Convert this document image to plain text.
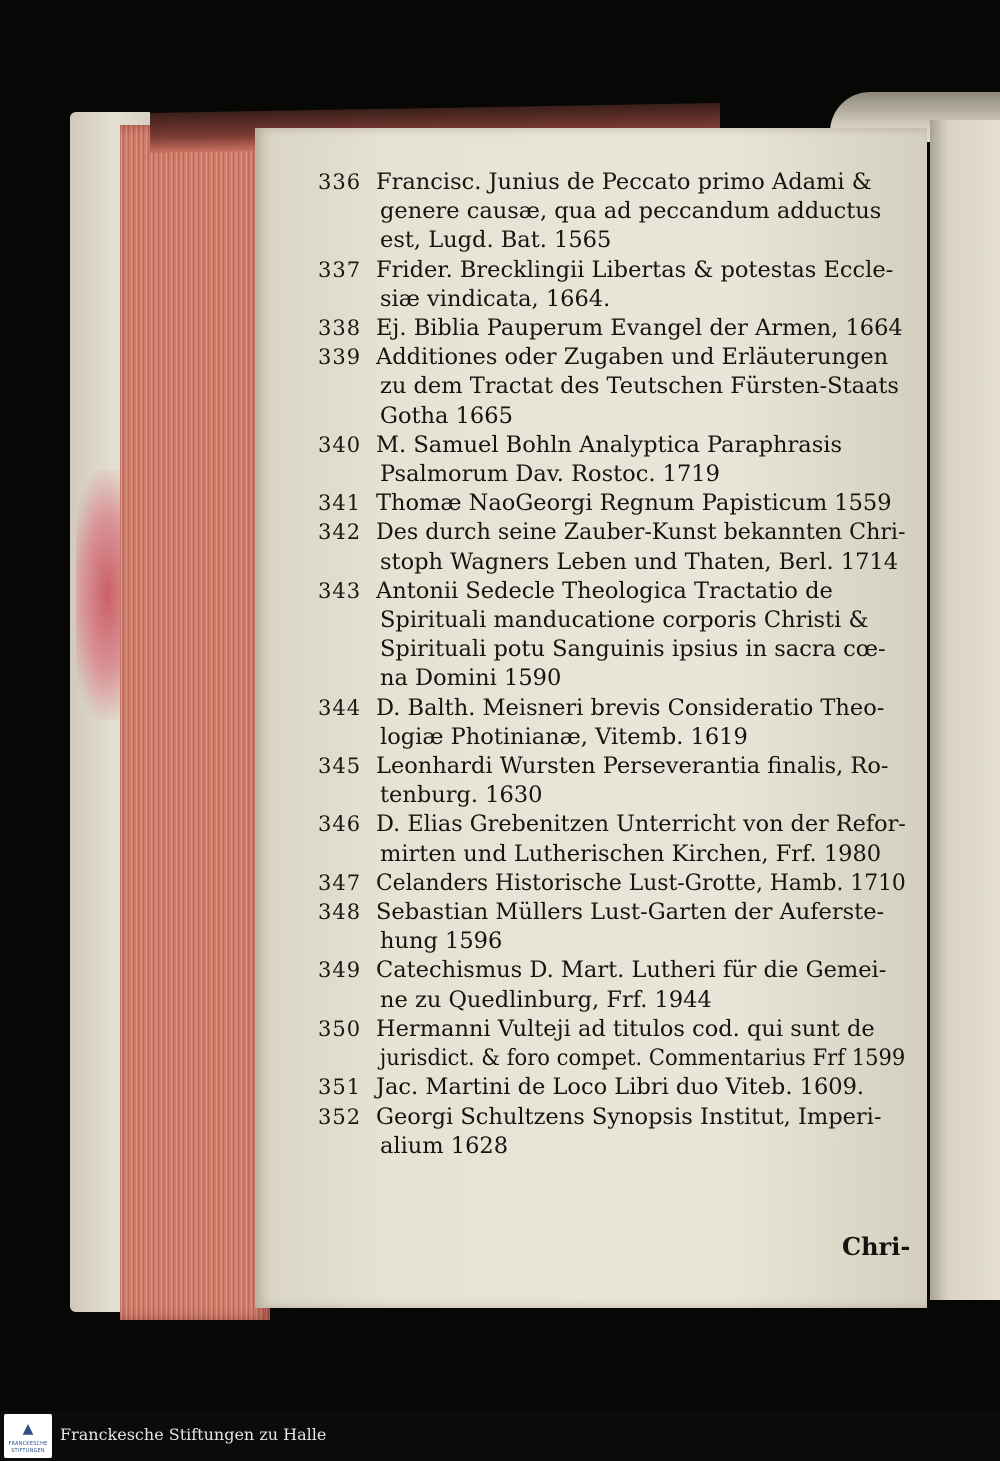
336 Francisc. Junius de Peccato primo Adami &
genere causæ, qua ad peccandum adductus
est, Lugd. Bat. 1565
337 Frider. Brecklingii Libertas & potestas Eccle-
siæ vindicata, 1664.
338 Ej. Biblia Pauperum Evangel der Armen, 1664
339 Additiones oder Zugaben und Erläuterungen
zu dem Tractat des Teutschen Fürsten-Staats
Gotha 1665
340 M. Samuel Bohln Analyptica Paraphrasis
Psalmorum Dav. Rostoc. 1719
341 Thomæ NaoGeorgi Regnum Papisticum 1559
342 Des durch seine Zauber-Kunst bekannten Chri-
stoph Wagners Leben und Thaten, Berl. 1714
343 Antonii Sedecle Theologica Tractatio de
Spirituali manducatione corporis Christi &
Spirituali potu Sanguinis ipsius in sacra cœ-
na Domini 1590
344 D. Balth. Meisneri brevis Consideratio Theo-
logiæ Photinianæ, Vitemb. 1619
345 Leonhardi Wursten Perseverantia finalis, Ro-
tenburg. 1630
346 D. Elias Grebenitzen Unterricht von der Refor-
mirten und Lutherischen Kirchen, Frf. 1980
347 Celanders Historische Lust-Grotte, Hamb. 1710
348 Sebastian Müllers Lust-Garten der Auferste-
hung 1596
349 Catechismus D. Mart. Lutheri für die Gemei-
ne zu Quedlinburg, Frf. 1944
350 Hermanni Vulteji ad titulos cod. qui sunt de
jurisdict. & foro compet. Commentarius Frf 1599
351 Jac. Martini de Loco Libri duo Viteb. 1609.
352 Georgi Schultzens Synopsis Institut, Imperi-
alium 1628
Chri-
▲
FRANCKESCHE
STIFTUNGEN
Franckesche Stiftungen zu Halle
